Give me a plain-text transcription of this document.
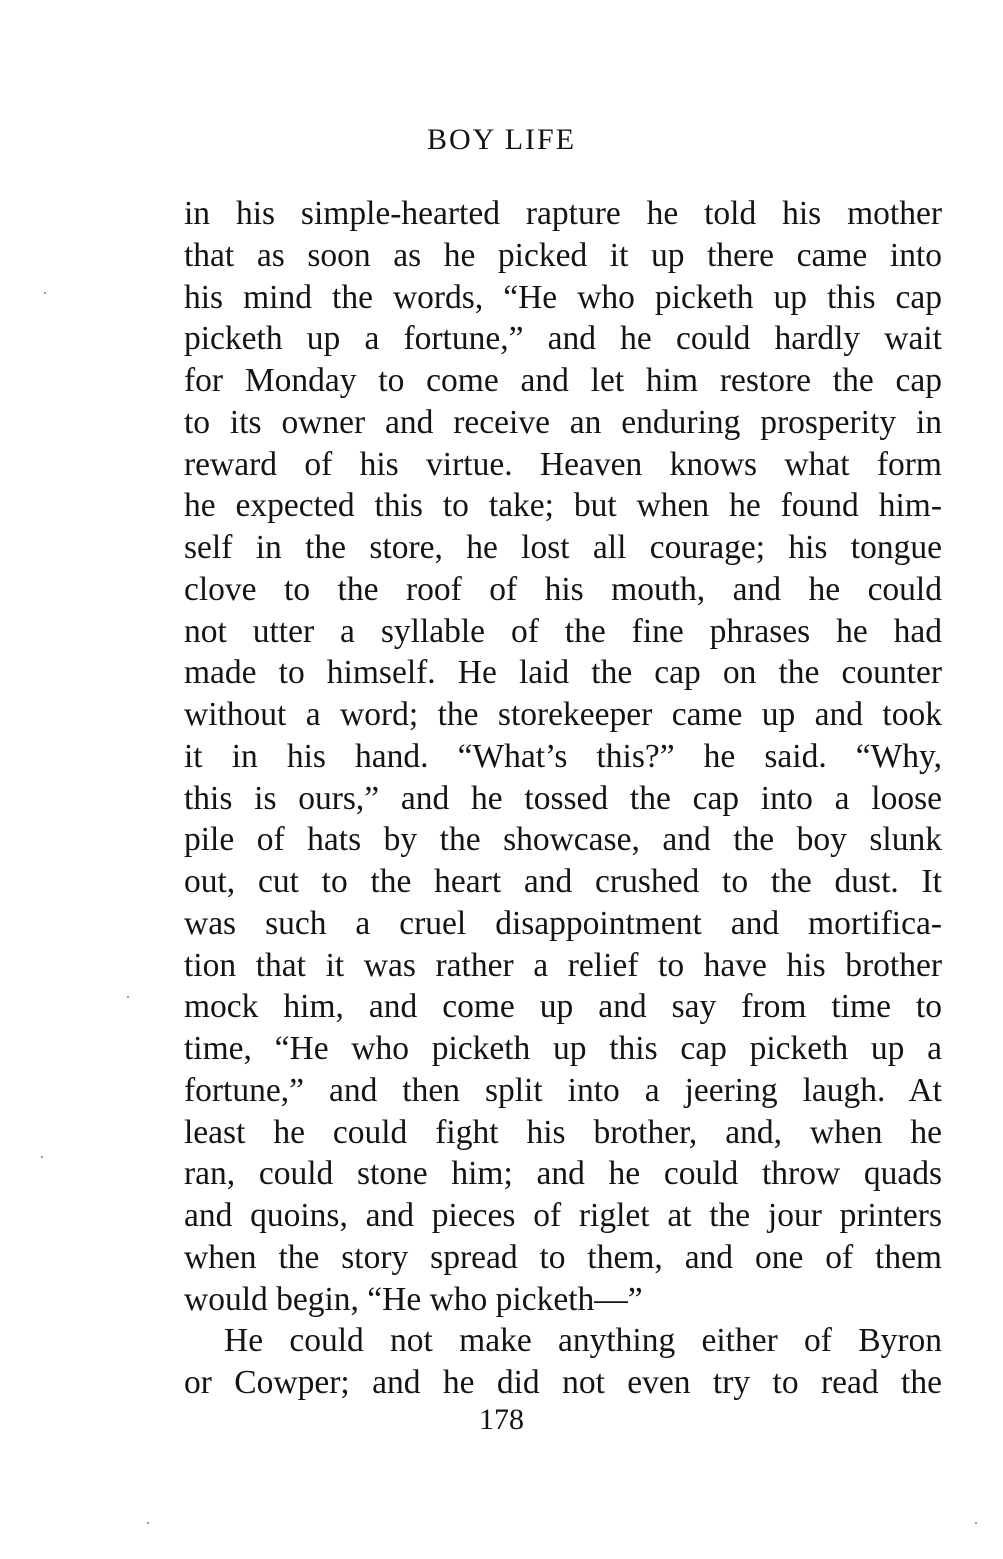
BOY LIFE
in his simple-hearted rapture he told his mother
that as soon as he picked it up there came into
his mind the words, “He who picketh up this cap
picketh up a fortune,” and he could hardly wait
for Monday to come and let him restore the cap
to its owner and receive an enduring prosperity in
reward of his virtue. Heaven knows what form
he expected this to take; but when he found him-
self in the store, he lost all courage; his tongue
clove to the roof of his mouth, and he could
not utter a syllable of the fine phrases he had
made to himself. He laid the cap on the counter
without a word; the storekeeper came up and took
it in his hand. “What’s this?” he said. “Why,
this is ours,” and he tossed the cap into a loose
pile of hats by the showcase, and the boy slunk
out, cut to the heart and crushed to the dust. It
was such a cruel disappointment and mortifica-
tion that it was rather a relief to have his brother
mock him, and come up and say from time to
time, “He who picketh up this cap picketh up a
fortune,” and then split into a jeering laugh. At
least he could fight his brother, and, when he
ran, could stone him; and he could throw quads
and quoins, and pieces of riglet at the jour printers
when the story spread to them, and one of them
would begin, “He who picketh—”
He could not make anything either of Byron
or Cowper; and he did not even try to read the
178
